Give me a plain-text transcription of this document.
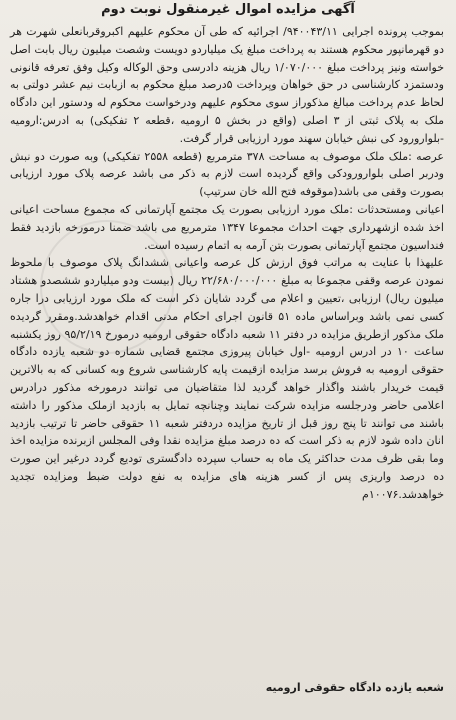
آگهی مزایده اموال غیرمنقول نوبت دوم

بموجب پرونده اجرایی ۹۴۰۰۴۳/۱۱/ اجرائیه که طی آن محکوم علیهم اکبروقربانعلی شهرت هر دو قهرمانپور محکوم هستند به پرداخت مبلغ یک میلیاردو دویست وشصت میلیون ریال بابت اصل خواسته ونیز پرداخت مبلغ ۱/۰۷۰/۰۰۰ ریال هزینه دادرسی وحق الوکاله وکیل وفق تعرفه قانونی ودستمزد کارشناسی در حق خواهان وپرداخت ۵درصد مبلغ محکوم به ازبابت نیم عشر دولتی به لحاظ عدم پرداخت مبالغ مذکوراز سوی محکوم علیهم ودرخواست محکوم له ودستور این دادگاه ملک به پلاک ثبتی از ۳ اصلی (واقع در بخش ۵ ارومیه ،قطعه ۲ تفکیکی) به ادرس:ارومیه -بلوارورود کی نبش خیابان سهند مورد ارزیابی قرار گرفت.

عرصه :ملک ملک موصوف به مساحت ۳۷۸ مترمربع (قطعه ۲۵۵۸ تفکیکی) وبه صورت دو نبش ودربر اصلی بلوارورودکی واقع گردیده است لازم به ذکر می باشد عرصه پلاک مورد ارزیابی بصورت وقفی می باشد(موقوفه فتح الله خان سرتیپ)

اعیانی ومستحدثات :ملک مورد ارزیابی بصورت یک مجتمع آپارتمانی که مجموع مساحت اعیانی اخذ شده ازشهرداری جهت احداث مجموعا ۱۳۴۷ مترمربع می باشد ضمنا درمورخه بازدید فقط فنداسیون مجتمع آپارتمانی بصورت بتن آرمه به اتمام رسیده است.

علیهذا با عنایت به مراتب فوق ارزش کل عرصه واعیانی ششدانگ پلاک موصوف با ملحوظ نمودن عرصه وقفی مجموعا به مبلغ ۲۲/۶۸۰/۰۰۰/۰۰۰ ریال (بیست ودو میلیاردو ششصدو هشتاد میلیون ریال) ارزیابی ،تعیین و اعلام می گردد شایان ذکر است که ملک مورد ارزیابی درا جاره کسی نمی باشد وبراساس ماده ۵۱ قانون اجرای احکام مدنی اقدام خواهدشد.ومقرر گردیده ملک مذکور ازطریق مزایده در دفتر ۱۱ شعبه دادگاه حقوقی ارومیه درمورخ ۹۵/۲/۱۹ روز یکشنبه ساعت ۱۰ در ادرس ارومیه -اول خیابان پیروزی مجتمع قضایی شماره دو شعبه یازده دادگاه حقوقی ارومیه به فروش برسد مزایده ازقیمت پایه کارشناسی شروع وبه کسانی که به بالاترین قیمت خریدار باشند واگذار خواهد گردید لذا متقاضیان می توانند درمورخه مذکور درادرس اعلامی حاضر ودرجلسه مزایده شرکت نمایند وچنانچه تمایل به بازدید ازملک مذکور را داشته باشند می توانند تا پنج روز قبل از تاریخ مزایده دردفتر شعبه ۱۱ حقوقی حاضر تا ترتیب بازدید انان داده شود لازم به ذکر است که ده درصد مبلغ مزایده نقدا وفی المجلس ازبرنده مزایده اخذ وما بقی ظرف مدت حداکثر یک ماه به حساب سپرده دادگستری تودیع گردد درغیر این صورت ده درصد واریزی پس از کسر هزینه های مزایده به نفع دولت ضبط ومزایده تجدید خواهدشد.۱۰۰۷۶م

شعبه یازده دادگاه حقوقی ارومیه
